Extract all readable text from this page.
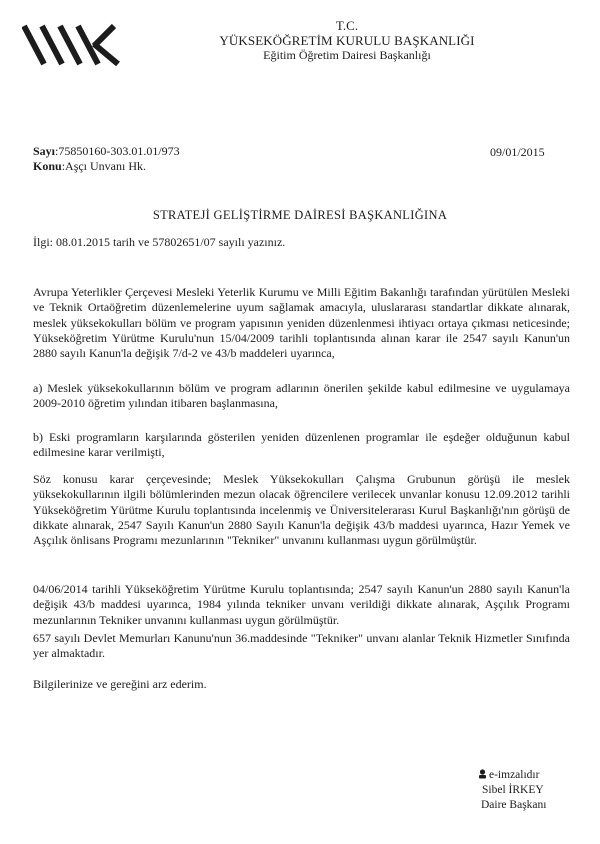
T.C.
YÜKSEKÖĞRETİM KURULU BAŞKANLIĞI
Eğitim Öğretim Dairesi Başkanlığı
Sayı:75850160-303.01.01/973
Konu:Aşçı Unvanı Hk.
09/01/2015
STRATEJİ GELİŞTİRME DAİRESİ BAŞKANLIĞINA
İlgi: 08.01.2015 tarih ve 57802651/07 sayılı yazınız.
Avrupa Yeterlikler Çerçevesi Mesleki Yeterlik Kurumu ve Milli Eğitim Bakanlığı tarafından yürütülen Mesleki ve Teknik Ortaöğretim düzenlemelerine uyum sağlamak amacıyla, uluslararası standartlar dikkate alınarak, meslek yüksekokulları bölüm ve program yapısının yeniden düzenlenmesi ihtiyacı ortaya çıkması neticesinde; Yükseköğretim Yürütme Kurulu'nun 15/04/2009 tarihli toplantısında alınan karar ile 2547 sayılı Kanun'un 2880 sayılı Kanun'la değişik 7/d-2 ve 43/b maddeleri uyarınca,
a) Meslek yüksekokullarının bölüm ve program adlarının önerilen şekilde kabul edilmesine ve uygulamaya 2009-2010 öğretim yılından itibaren başlanmasına,
b) Eski programların karşılarında gösterilen yeniden düzenlenen programlar ile eşdeğer olduğunun kabul edilmesine karar verilmişti,
Söz konusu karar çerçevesinde; Meslek Yüksekokulları Çalışma Grubunun görüşü ile meslek yüksekokullarının ilgili bölümlerinden mezun olacak öğrencilere verilecek unvanlar konusu 12.09.2012 tarihli Yükseköğretim Yürütme Kurulu toplantısında incelenmiş ve Üniversitelerarası Kurul Başkanlığı'nın görüşü de dikkate alınarak, 2547 Sayılı Kanun'un 2880 Sayılı Kanun'la değişik 43/b maddesi uyarınca, Hazır Yemek ve Aşçılık önlisans Programı mezunlarının "Tekniker" unvanını kullanması uygun görülmüştür.
04/06/2014 tarihli Yükseköğretim Yürütme Kurulu toplantısında; 2547 sayılı Kanun'un 2880 sayılı Kanun'la değişik 43/b maddesi uyarınca, 1984 yılında tekniker unvanı verildiği dikkate alınarak, Aşçılık Programı mezunlarının Tekniker unvanını kullanması uygun görülmüştür.
657 sayılı Devlet Memurları Kanunu'nun 36.maddesinde "Tekniker" unvanı alanlar Teknik Hizmetler Sınıfında yer almaktadır.
Bilgilerinize ve gereğini arz ederim.
e-imzalıdır
Sibel İRKEY
Daire Başkanı
